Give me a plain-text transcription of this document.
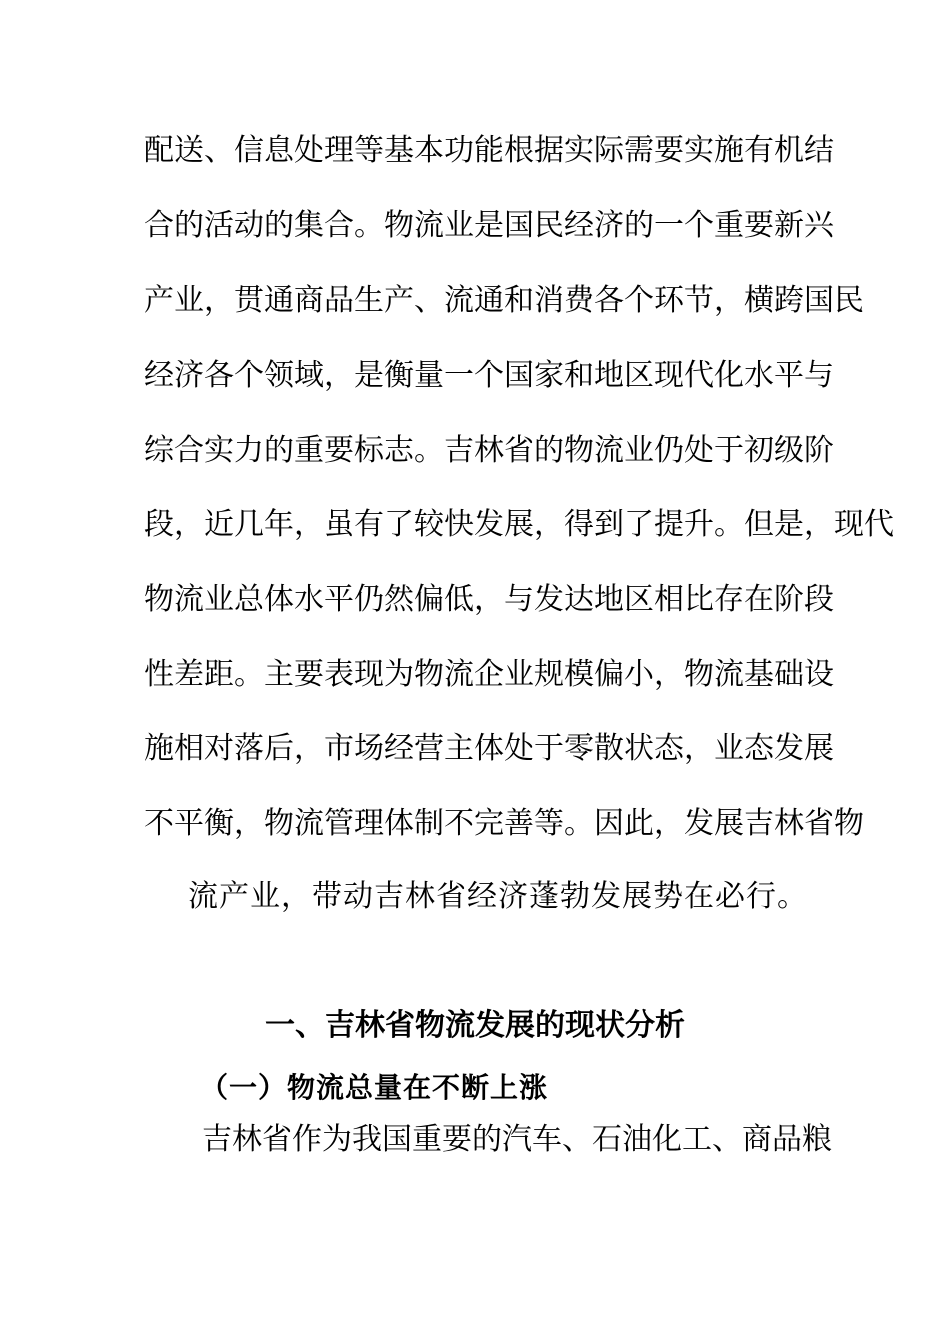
配送、信息处理等基本功能根据实际需要实施有机结
合的活动的集合。物流业是国民经济的一个重要新兴
产业，贯通商品生产、流通和消费各个环节，横跨国民
经济各个领域，是衡量一个国家和地区现代化水平与
综合实力的重要标志。吉林省的物流业仍处于初级阶
段，近几年，虽有了较快发展，得到了提升。但是，现代
物流业总体水平仍然偏低，与发达地区相比存在阶段
性差距。主要表现为物流企业规模偏小，物流基础设
施相对落后，市场经营主体处于零散状态，业态发展
不平衡，物流管理体制不完善等。因此，发展吉林省物
流产业，带动吉林省经济蓬勃发展势在必行。
一、吉林省物流发展的现状分析
（一）物流总量在不断上涨
吉林省作为我国重要的汽车、石油化工、商品粮
